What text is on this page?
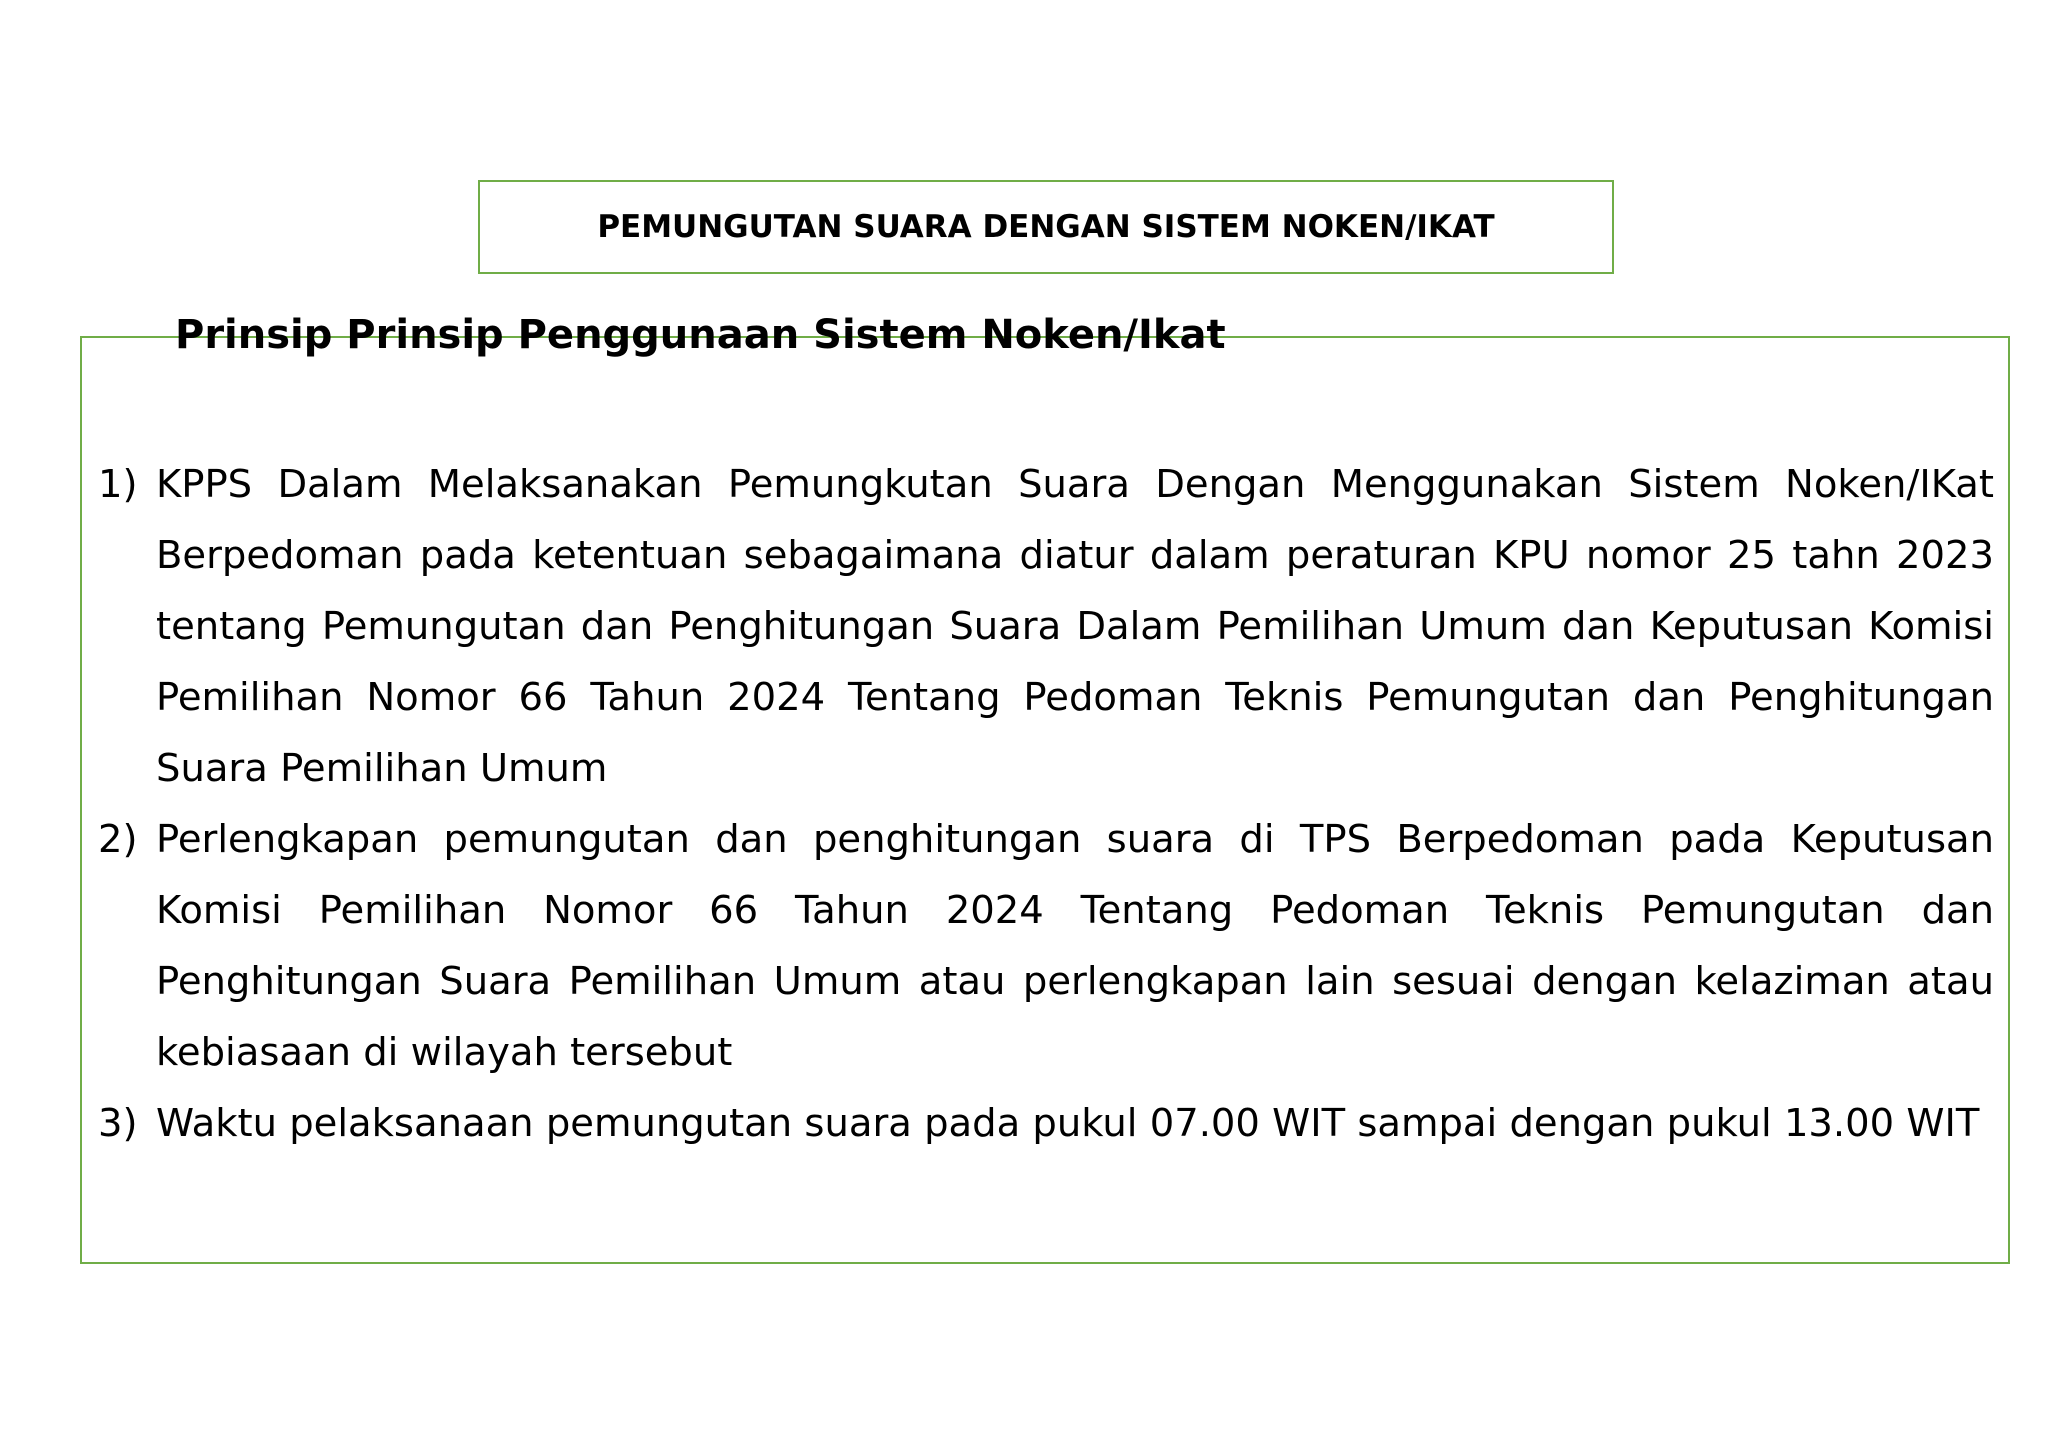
PEMUNGUTAN SUARA DENGAN SISTEM NOKEN/IKAT
Prinsip Prinsip Penggunaan Sistem Noken/Ikat
1) KPPS Dalam Melaksanakan Pemungkutan Suara Dengan Menggunakan Sistem Noken/IKat Berpedoman pada ketentuan sebagaimana diatur dalam peraturan KPU nomor 25 tahn 2023 tentang Pemungutan dan Penghitungan Suara Dalam Pemilihan Umum dan Keputusan Komisi Pemilihan Nomor 66 Tahun 2024 Tentang Pedoman Teknis Pemungutan dan Penghitungan Suara Pemilihan Umum
2) Perlengkapan pemungutan dan penghitungan suara di TPS Berpedoman pada Keputusan Komisi Pemilihan Nomor 66 Tahun 2024 Tentang Pedoman Teknis Pemungutan dan Penghitungan Suara Pemilihan Umum atau perlengkapan lain sesuai dengan kelaziman atau kebiasaan di wilayah tersebut
3) Waktu pelaksanaan pemungutan suara pada pukul 07.00 WIT sampai dengan pukul 13.00 WIT
